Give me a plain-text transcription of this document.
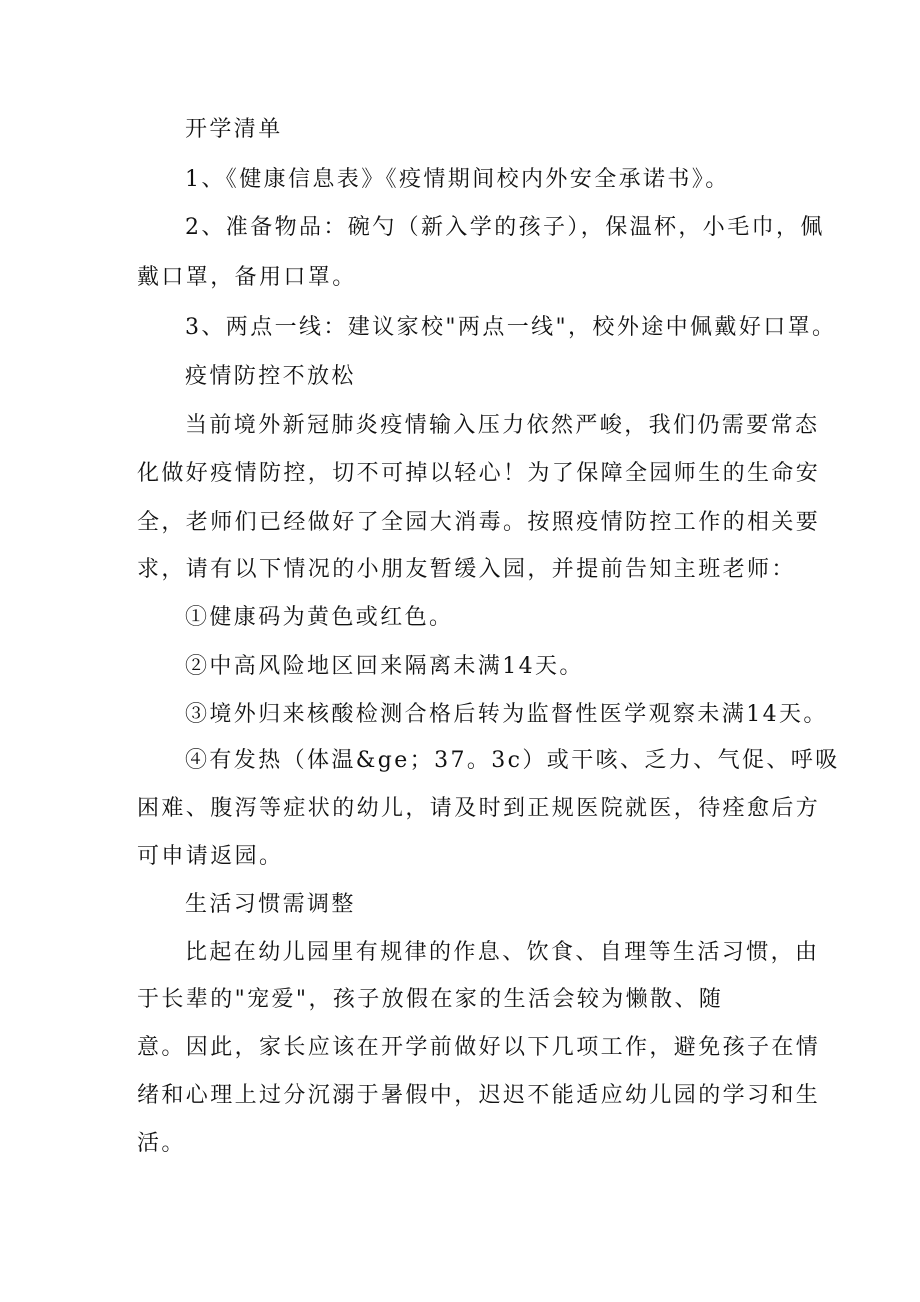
开学清单
1、《健康信息表》《疫情期间校内外安全承诺书》。
2、准备物品：碗勺（新入学的孩子），保温杯，小毛巾，佩
戴口罩，备用口罩。
3、两点一线：建议家校"两点一线"，校外途中佩戴好口罩。
疫情防控不放松
当前境外新冠肺炎疫情输入压力依然严峻，我们仍需要常态
化做好疫情防控，切不可掉以轻心！为了保障全园师生的生命安
全，老师们已经做好了全园大消毒。按照疫情防控工作的相关要
求，请有以下情况的小朋友暂缓入园，并提前告知主班老师：
①健康码为黄色或红色。
②中高风险地区回来隔离未满14天。
③境外归来核酸检测合格后转为监督性医学观察未满14天。
④有发热（体温&ge；37。3c）或干咳、乏力、气促、呼吸
困难、腹泻等症状的幼儿，请及时到正规医院就医，待痊愈后方
可申请返园。
生活习惯需调整
比起在幼儿园里有规律的作息、饮食、自理等生活习惯，由
于长辈的"宠爱"，孩子放假在家的生活会较为懒散、随
意。因此，家长应该在开学前做好以下几项工作，避免孩子在情
绪和心理上过分沉溺于暑假中，迟迟不能适应幼儿园的学习和生
活。
